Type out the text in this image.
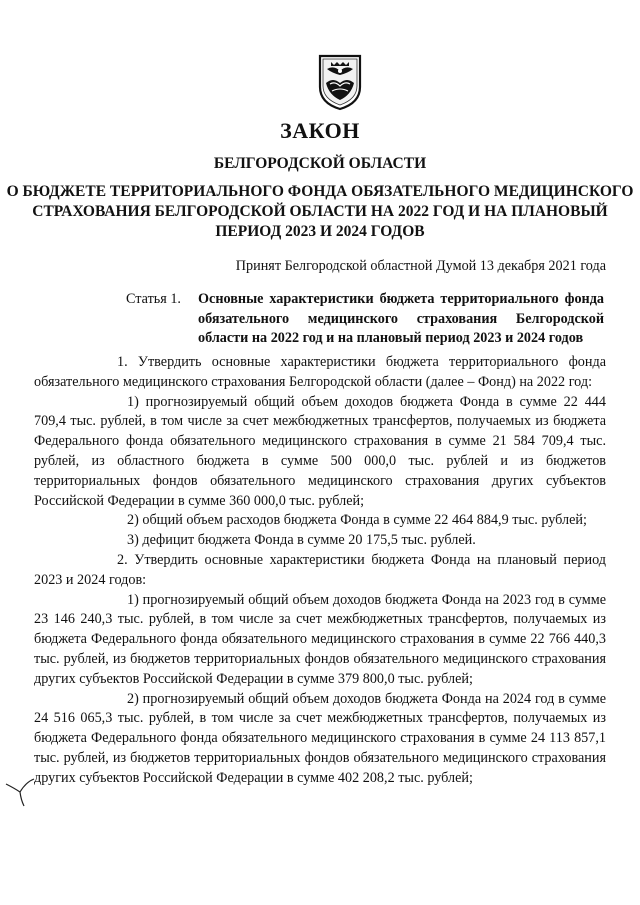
ЗАКОН
БЕЛГОРОДСКОЙ ОБЛАСТИ
О БЮДЖЕТЕ ТЕРРИТОРИАЛЬНОГО ФОНДА ОБЯЗАТЕЛЬНОГО МЕДИЦИНСКОГО СТРАХОВАНИЯ БЕЛГОРОДСКОЙ ОБЛАСТИ НА 2022 ГОД И НА ПЛАНОВЫЙ ПЕРИОД 2023 И 2024 ГОДОВ

Принят Белгородской областной Думой 13 декабря 2021 года

Статья 1. Основные характеристики бюджета территориального фонда обязательного медицинского страхования Белгородской области на 2022 год и на плановый период 2023 и 2024 годов

1. Утвердить основные характеристики бюджета территориального фонда обязательного медицинского страхования Белгородской области (далее – Фонд) на 2022 год:

1) прогнозируемый общий объем доходов бюджета Фонда в сумме 22 444 709,4 тыс. рублей, в том числе за счет межбюджетных трансфертов, получаемых из бюджета Федерального фонда обязательного медицинского страхования в сумме 21 584 709,4 тыс. рублей, из областного бюджета в сумме 500 000,0 тыс. рублей и из бюджетов территориальных фондов обязательного медицинского страхования других субъектов Российской Федерации в сумме 360 000,0 тыс. рублей;

2) общий объем расходов бюджета Фонда в сумме 22 464 884,9 тыс. рублей;

3) дефицит бюджета Фонда в сумме 20 175,5 тыс. рублей.

2. Утвердить основные характеристики бюджета Фонда на плановый период 2023 и 2024 годов:

1) прогнозируемый общий объем доходов бюджета Фонда на 2023 год в сумме 23 146 240,3 тыс. рублей, в том числе за счет межбюджетных трансфертов, получаемых из бюджета Федерального фонда обязательного медицинского страхования в сумме 22 766 440,3 тыс. рублей, из бюджетов территориальных фондов обязательного медицинского страхования других субъектов Российской Федерации в сумме 379 800,0 тыс. рублей;

2) прогнозируемый общий объем доходов бюджета Фонда на 2024 год в сумме 24 516 065,3 тыс. рублей, в том числе за счет межбюджетных трансфертов, получаемых из бюджета Федерального фонда обязательного медицинского страхования в сумме 24 113 857,1 тыс. рублей, из бюджетов территориальных фондов обязательного медицинского страхования других субъектов Российской Федерации в сумме 402 208,2 тыс. рублей;
